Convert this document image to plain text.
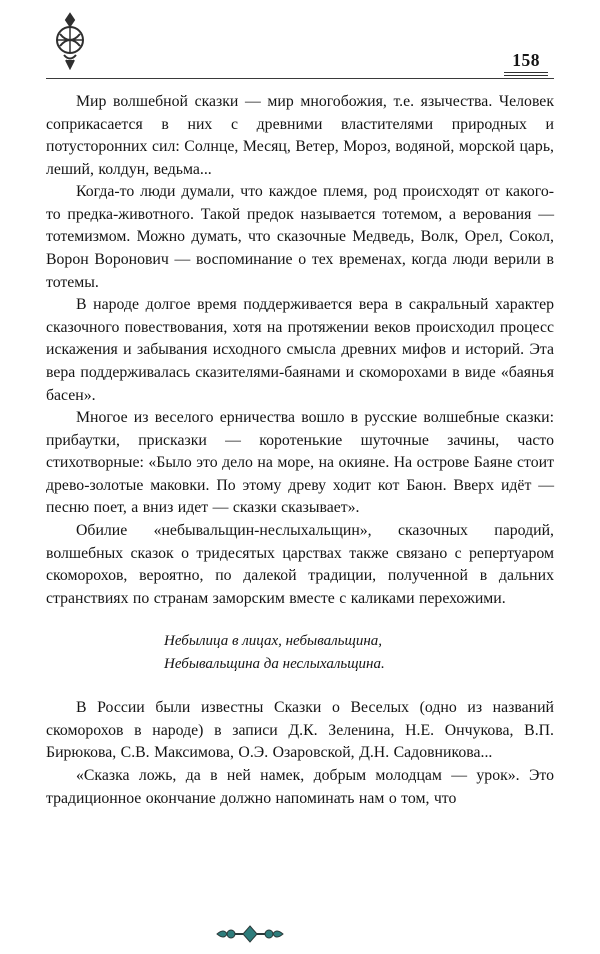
158

Мир волшебной сказки — мир многобожия, т.е. язычества. Человек соприкасается в них с древними властителями природных и потусторонних сил: Солнце, Месяц, Ветер, Мороз, водяной, морской царь, леший, колдун, ведьма...

Когда-то люди думали, что каждое племя, род происходят от какого-то предка-животного. Такой предок называется тотемом, а верования — тотемизмом. Можно думать, что сказочные Медведь, Волк, Орел, Сокол, Ворон Воронович — воспоминание о тех временах, когда люди верили в тотемы.

В народе долгое время поддерживается вера в сакральный характер сказочного повествования, хотя на протяжении веков происходил процесс искажения и забывания исходного смысла древних мифов и историй. Эта вера поддерживалась сказителями-баянами и скоморохами в виде «баянья басен».

Многое из веселого ерничества вошло в русские волшебные сказки: прибаутки, присказки — коротенькие шуточные зачины, часто стихотворные: «Было это дело на море, на окияне. На острове Баяне стоит древо-золотые маковки. По этому древу ходит кот Баюн. Вверх идёт — песню поет, а вниз идет — сказки сказывает».

Обилие «небывальщин-неслыхальщин», сказочных пародий, волшебных сказок о тридесятых царствах также связано с репертуаром скоморохов, вероятно, по далекой традиции, полученной в дальних странствиях по странам заморским вместе с каликами перехожими.

Небылица в лицах, небывальщина,
Небывальщина да неслыхальщина.

В России были известны Сказки о Веселых (одно из названий скоморохов в народе) в записи Д.К. Зеленина, Н.Е. Ончукова, В.П. Бирюкова, С.В. Максимова, О.Э. Озаровской, Д.Н. Садовникова...

«Сказка ложь, да в ней намек, добрым молодцам — урок». Это традиционное окончание должно напоминать нам о том, что
